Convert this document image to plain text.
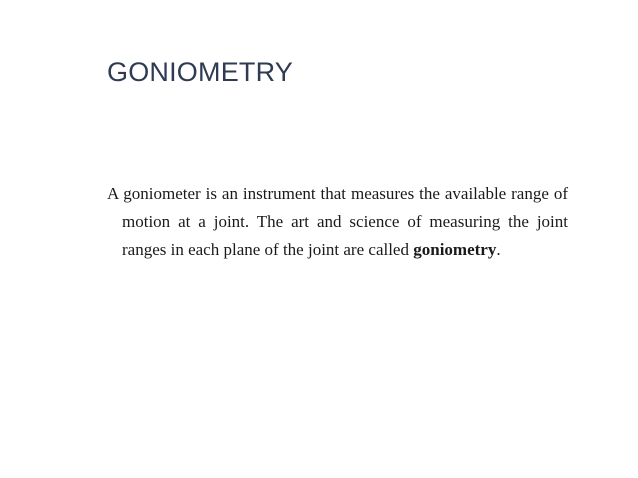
GONIOMETRY

A goniometer is an instrument that measures the available range of motion at a joint. The art and science of measuring the joint ranges in each plane of the joint are called goniometry.
